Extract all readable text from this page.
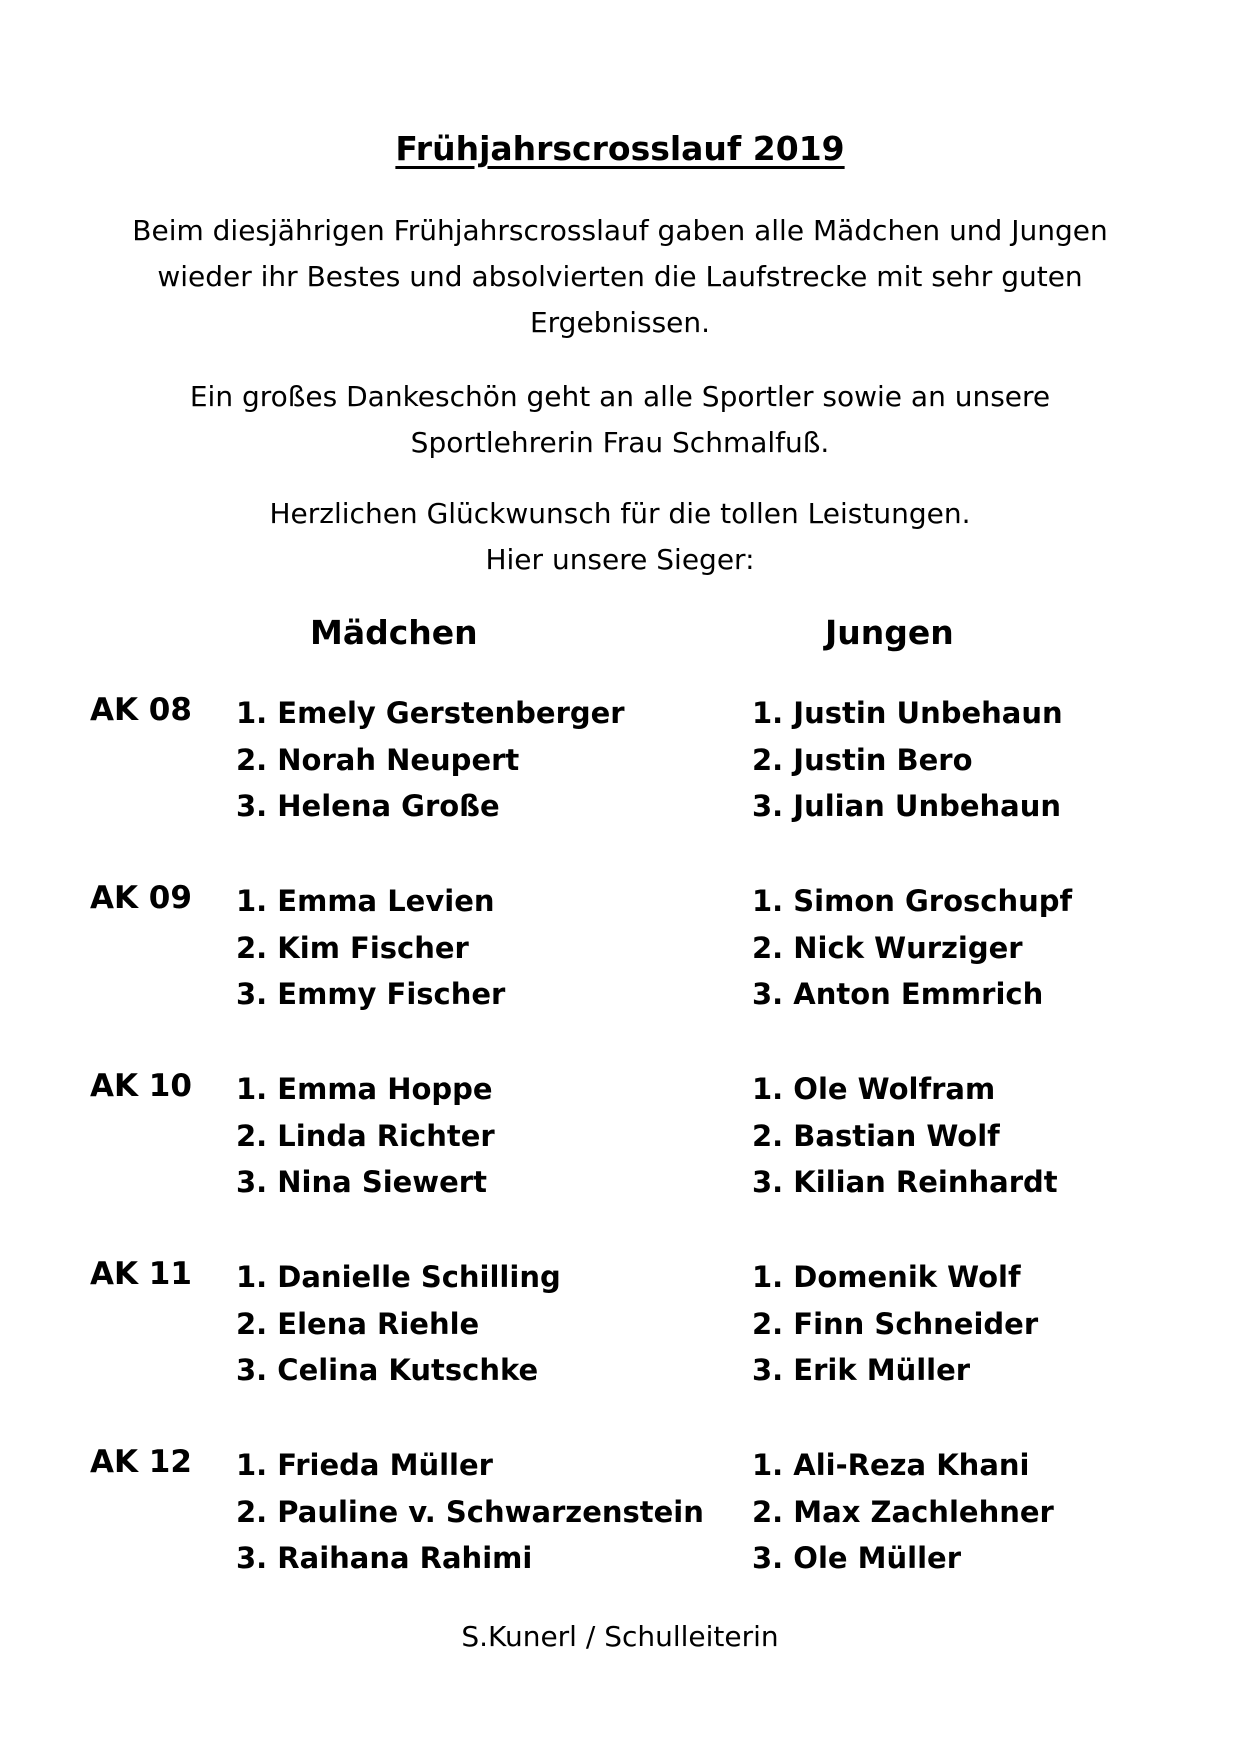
Frühjahrscrosslauf 2019

Beim diesjährigen Frühjahrscrosslauf gaben alle Mädchen und Jungen
wieder ihr Bestes und absolvierten die Laufstrecke mit sehr guten
Ergebnissen.

Ein großes Dankeschön geht an alle Sportler sowie an unsere
Sportlehrerin Frau Schmalfuß.

Herzlichen Glückwunsch für die tollen Leistungen.
Hier unsere Sieger:

Mädchen	Jungen
AK 08 1. Emely Gerstenberger
2. Norah Neupert
3. Helena Große
1. Justin Unbehaun
2. Justin Bero
3. Julian Unbehaun
AK 09 1. Emma Levien
2. Kim Fischer
3. Emmy Fischer
1. Simon Groschupf
2. Nick Wurziger
3. Anton Emmrich
AK 10 1. Emma Hoppe
2. Linda Richter
3. Nina Siewert
1. Ole Wolfram
2. Bastian Wolf
3. Kilian Reinhardt
AK 11 1. Danielle Schilling
2. Elena Riehle
3. Celina Kutschke
1. Domenik Wolf
2. Finn Schneider
3. Erik Müller
AK 12 1. Frieda Müller
2. Pauline v. Schwarzenstein
3. Raihana Rahimi
1. Ali-Reza Khani
2. Max Zachlehner
3. Ole Müller

S.Kunerl / Schulleiterin
